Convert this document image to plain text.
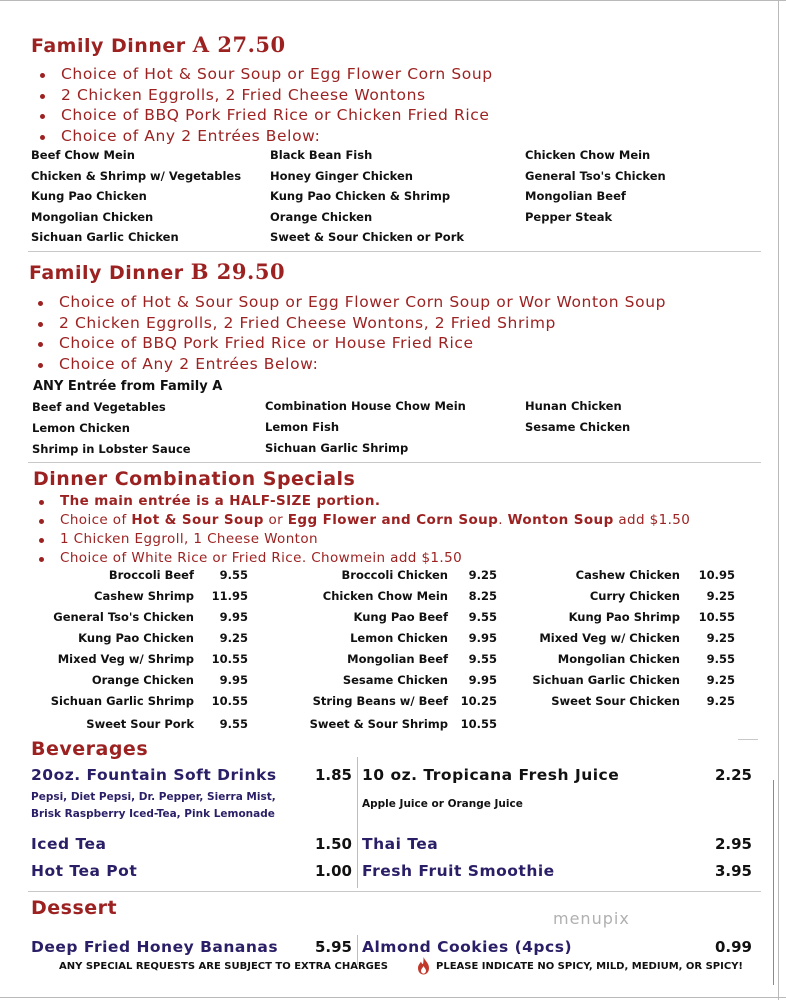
Family Dinner A 27.50
Choice of Hot & Sour Soup or Egg Flower Corn Soup
2 Chicken Eggrolls, 2 Fried Cheese Wontons
Choice of BBQ Pork Fried Rice or Chicken Fried Rice
Choice of Any 2 Entrées Below:
Beef Chow Mein
Chicken & Shrimp w/ Vegetables
Kung Pao Chicken
Mongolian Chicken
Sichuan Garlic Chicken
Black Bean Fish
Honey Ginger Chicken
Kung Pao Chicken & Shrimp
Orange Chicken
Sweet & Sour Chicken or Pork
Chicken Chow Mein
General Tso's Chicken
Mongolian Beef
Pepper Steak
Family Dinner B 29.50
Choice of Hot & Sour Soup or Egg Flower Corn Soup or Wor Wonton Soup
2 Chicken Eggrolls, 2 Fried Cheese Wontons, 2 Fried Shrimp
Choice of BBQ Pork Fried Rice or House Fried Rice
Choice of Any 2 Entrées Below:
ANY Entrée from Family A
Beef and Vegetables
Lemon Chicken
Shrimp in Lobster Sauce
Combination House Chow Mein
Lemon Fish
Sichuan Garlic Shrimp
Hunan Chicken
Sesame Chicken
Dinner Combination Specials
The main entrée is a HALF-SIZE portion.
Choice of Hot & Sour Soup or Egg Flower and Corn Soup. Wonton Soup add $1.50
1 Chicken Eggroll, 1 Cheese Wonton
Choice of White Rice or Fried Rice. Chowmein add $1.50
Broccoli Beef 9.55
Cashew Shrimp 11.95
General Tso's Chicken 9.95
Kung Pao Chicken 9.25
Mixed Veg w/ Shrimp 10.55
Orange Chicken 9.95
Sichuan Garlic Shrimp 10.55
Sweet Sour Pork 9.55
Broccoli Chicken 9.25
Chicken Chow Mein 8.25
Kung Pao Beef 9.55
Lemon Chicken 9.95
Mongolian Beef 9.55
Sesame Chicken 9.95
String Beans w/ Beef 10.25
Sweet & Sour Shrimp 10.55
Cashew Chicken 10.95
Curry Chicken 9.25
Kung Pao Shrimp 10.55
Mixed Veg w/ Chicken 9.25
Mongolian Chicken 9.55
Sichuan Garlic Chicken 9.25
Sweet Sour Chicken 9.25
Beverages
20oz. Fountain Soft Drinks	1.85
Pepsi, Diet Pepsi, Dr. Pepper, Sierra Mist,
Brisk Raspberry Iced-Tea, Pink Lemonade
10 oz. Tropicana Fresh Juice	2.25
Apple Juice or Orange Juice
Iced Tea	1.50 Thai Tea	2.95
Hot Tea Pot	1.00 Fresh Fruit Smoothie	3.95
Dessert	menupix
Deep Fried Honey Bananas 5.95 Almond Cookies (4pcs)	0.99
ANY SPECIAL REQUESTS ARE SUBJECT TO EXTRA CHARGES	PLEASE INDICATE NO SPICY, MILD, MEDIUM, OR SPICY!
